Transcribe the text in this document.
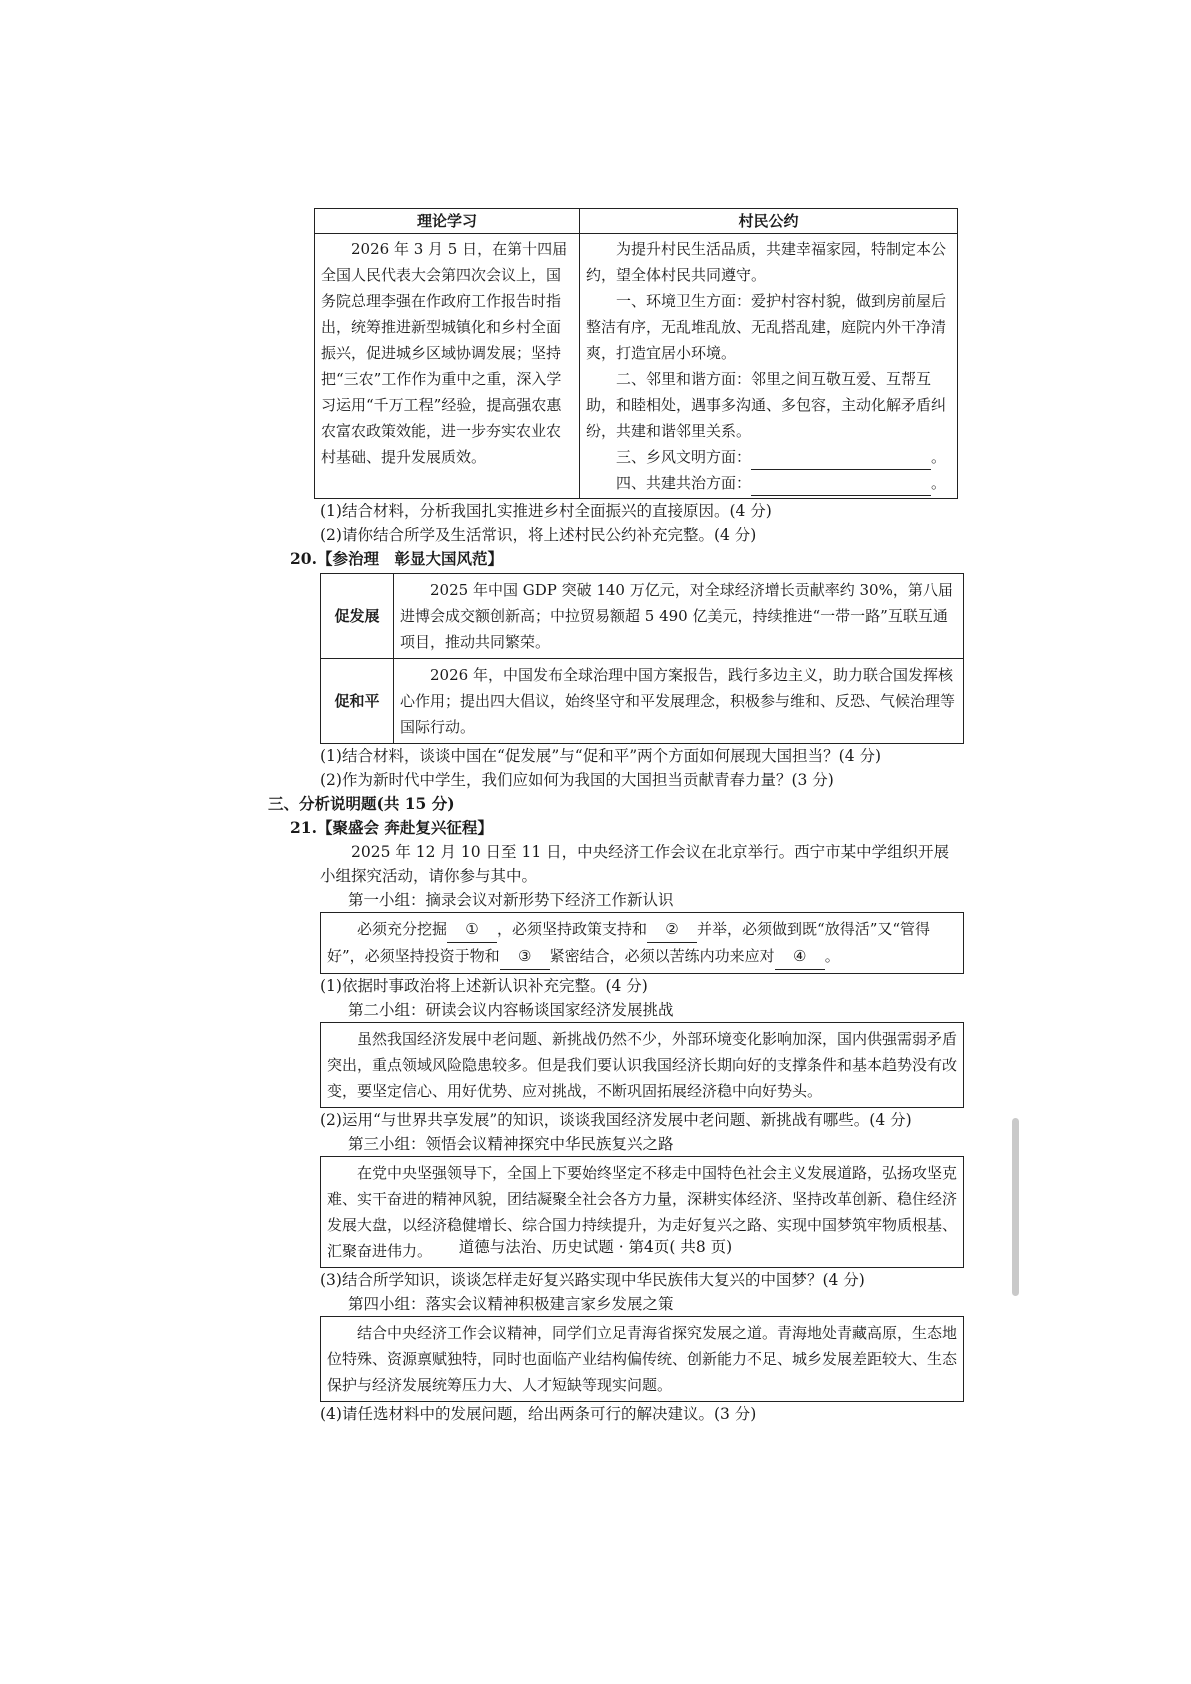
理论学习	村民公约
2026 年 3 月 5 日，在第十四届全国人民代表大会第四次会议上，国务院总理李强在作政府工作报告时指出，统筹推进新型城镇化和乡村全面振兴，促进城乡区域协调发展；坚持把“三农”工作作为重中之重，深入学习运用“千万工程”经验，提高强农惠农富农政策效能，进一步夯实农业农村基础、提升发展质效。	为提升村民生活品质，共建幸福家园，特制定本公约，望全体村民共同遵守。
一、环境卫生方面：爱护村容村貌，做到房前屋后整洁有序，无乱堆乱放、无乱搭乱建，庭院内外干净清爽，打造宜居小环境。
二、邻里和谐方面：邻里之间互敬互爱、互帮互助，和睦相处，遇事多沟通、多包容，主动化解矛盾纠纷，共建和谐邻里关系。
三、乡风文明方面： 。
四、共建共治方面： 。
(1)结合材料，分析我国扎实推进乡村全面振兴的直接原因。(4 分)
(2)请你结合所学及生活常识，将上述村民公约补充完整。(4 分)
20.【参治理　彰显大国风范】
促发展	2025 年中国 GDP 突破 140 万亿元，对全球经济增长贡献率约 30%，第八届进博会成交额创新高；中拉贸易额超 5 490 亿美元，持续推进“一带一路”互联互通项目，推动共同繁荣。
促和平	2026 年，中国发布全球治理中国方案报告，践行多边主义，助力联合国发挥核心作用；提出四大倡议，始终坚守和平发展理念，积极参与维和、反恐、气候治理等国际行动。
(1)结合材料，谈谈中国在“促发展”与“促和平”两个方面如何展现大国担当？(4 分)
(2)作为新时代中学生，我们应如何为我国的大国担当贡献青春力量？(3 分)
三、分析说明题(共 15 分)
21.【聚盛会 奔赴复兴征程】
2025 年 12 月 10 日至 11 日，中央经济工作会议在北京举行。西宁市某中学组织开展小组探究活动，请你参与其中。
第一小组：摘录会议对新形势下经济工作新认识
必须充分挖掘 ① ，必须坚持政策支持和 ② 并举，必须做到既“放得活”又“管得好”，必须坚持投资于物和 ③ 紧密结合，必须以苦练内功来应对 ④ 。
(1)依据时事政治将上述新认识补充完整。(4 分)
第二小组：研读会议内容畅谈国家经济发展挑战
虽然我国经济发展中老问题、新挑战仍然不少，外部环境变化影响加深，国内供强需弱矛盾突出，重点领域风险隐患较多。但是我们要认识我国经济长期向好的支撑条件和基本趋势没有改变，要坚定信心、用好优势、应对挑战，不断巩固拓展经济稳中向好势头。
(2)运用“与世界共享发展”的知识，谈谈我国经济发展中老问题、新挑战有哪些。(4 分)
第三小组：领悟会议精神探究中华民族复兴之路
在党中央坚强领导下，全国上下要始终坚定不移走中国特色社会主义发展道路，弘扬攻坚克难、实干奋进的精神风貌，团结凝聚全社会各方力量，深耕实体经济、坚持改革创新、稳住经济发展大盘，以经济稳健增长、综合国力持续提升，为走好复兴之路、实现中国梦筑牢物质根基、汇聚奋进伟力。
(3)结合所学知识，谈谈怎样走好复兴路实现中华民族伟大复兴的中国梦？(4 分)
第四小组：落实会议精神积极建言家乡发展之策
结合中央经济工作会议精神，同学们立足青海省探究发展之道。青海地处青藏高原，生态地位特殊、资源禀赋独特，同时也面临产业结构偏传统、创新能力不足、城乡发展差距较大、生态保护与经济发展统筹压力大、人才短缺等现实问题。
(4)请任选材料中的发展问题，给出两条可行的解决建议。(3 分)
道德与法治、历史试题 · 第4页( 共8 页)
